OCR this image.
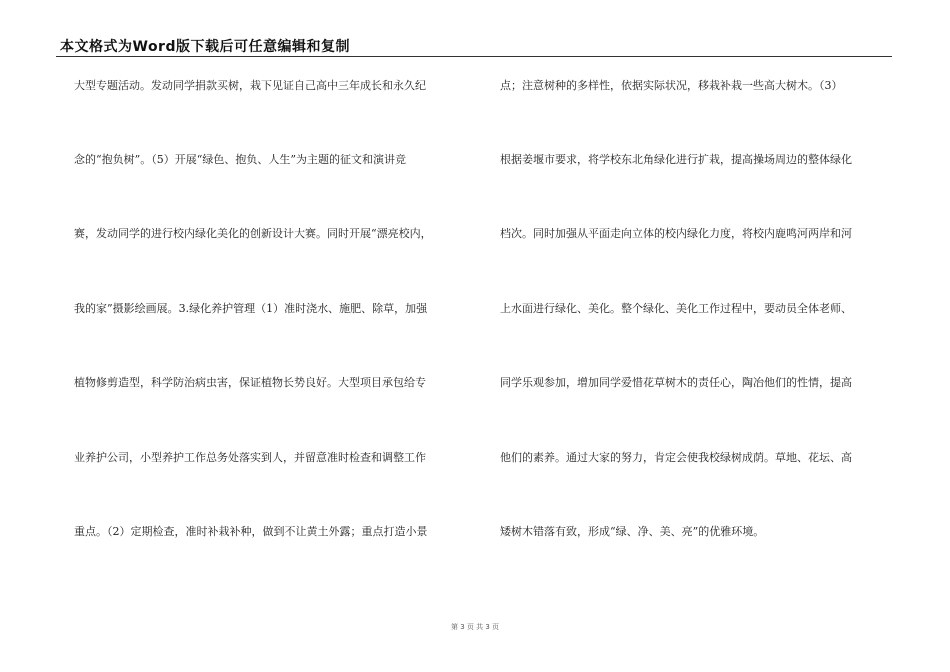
本文格式为Word版下载后可任意编辑和复制
大型专题活动。发动同学捐款买树，栽下见证自己高中三年成长和永久纪
念的“抱负树”。（5）开展“绿色、抱负、人生”为主题的征文和演讲竞
赛，发动同学的进行校内绿化美化的创新设计大赛。同时开展“漂亮校内，
我的家”摄影绘画展。3.绿化养护管理（1）准时浇水、施肥、除草，加强
植物修剪造型，科学防治病虫害，保证植物长势良好。大型项目承包给专
业养护公司，小型养护工作总务处落实到人，并留意准时检查和调整工作
重点。（2）定期检查，准时补栽补种，做到不让黄土外露；重点打造小景
点；注意树种的多样性，依据实际状况，移栽补栽一些高大树木。（3）
根据姜堰市要求，将学校东北角绿化进行扩栽，提高操场周边的整体绿化
档次。同时加强从平面走向立体的校内绿化力度，将校内鹿鸣河两岸和河
上水面进行绿化、美化。整个绿化、美化工作过程中，要动员全体老师、
同学乐观参加，增加同学爱惜花草树木的责任心，陶冶他们的性情，提高
他们的素养。通过大家的努力，肯定会使我校绿树成荫。草地、花坛、高
矮树木错落有致，形成“绿、净、美、亮”的优雅环境。
第 3 页 共 3 页
